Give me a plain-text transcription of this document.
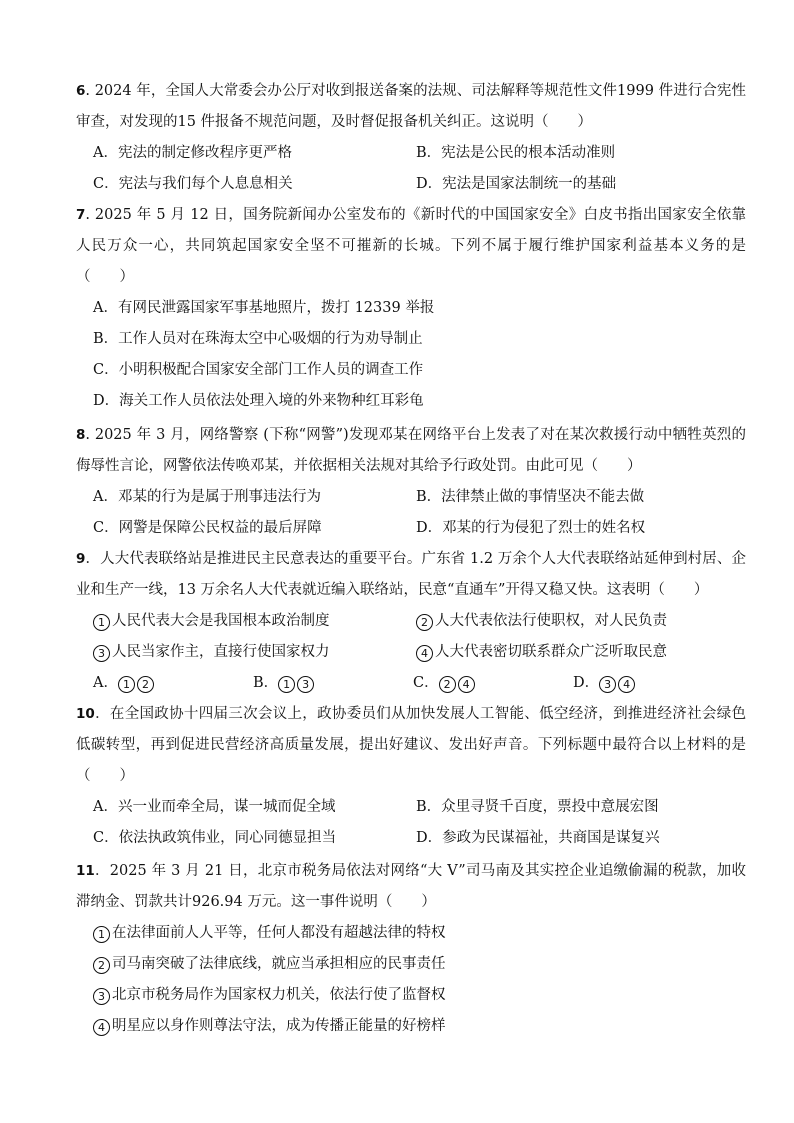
6. 2024 年，全国人大常委会办公厅对收到报送备案的法规、司法解释等规范性文件1999 件进行合宪性审查，对发现的15 件报备不规范问题，及时督促报备机关纠正。这说明（　　）
A．宪法的制定修改程序更严格	B．宪法是公民的根本活动准则
C．宪法与我们每个人息息相关	D．宪法是国家法制统一的基础
7. 2025 年 5 月 12 日，国务院新闻办公室发布的《新时代的中国国家安全》白皮书指出国家安全依靠人民万众一心，共同筑起国家安全坚不可摧新的长城。下列不属于履行维护国家利益基本义务的是（　　）
A．有网民泄露国家军事基地照片，拨打 12339 举报
B．工作人员对在珠海太空中心吸烟的行为劝导制止
C．小明积极配合国家安全部门工作人员的调查工作
D．海关工作人员依法处理入境的外来物种红耳彩龟
8. 2025 年 3 月，网络警察 (下称“网警”)发现邓某在网络平台上发表了对在某次救援行动中牺牲英烈的侮辱性言论，网警依法传唤邓某，并依据相关法规对其给予行政处罚。由此可见（　　）
A．邓某的行为是属于刑事违法行为	B．法律禁止做的事情坚决不能去做
C．网警是保障公民权益的最后屏障	D．邓某的行为侵犯了烈士的姓名权
9．人大代表联络站是推进民主民意表达的重要平台。广东省 1.2 万余个人大代表联络站延伸到村居、企业和生产一线，13 万余名人大代表就近编入联络站，民意“直通车”开得又稳又快。这表明（　　）
1 人民代表大会是我国根本政治制度	2 人大代表依法行使职权，对人民负责
3 人民当家作主，直接行使国家权力	4 人大代表密切联系群众广泛听取民意
A． 1 2	B． 1 3	C． 2 4	D． 3 4
10．在全国政协十四届三次会议上，政协委员们从加快发展人工智能、低空经济，到推进经济社会绿色低碳转型，再到促进民营经济高质量发展，提出好建议、发出好声音。下列标题中最符合以上材料的是（　　）
A．兴一业而牵全局，谋一城而促全域	B．众里寻贤千百度，票投中意展宏图
C．依法执政筑伟业，同心同德显担当	D．参政为民谋福祉，共商国是谋复兴
11．2025 年 3 月 21 日，北京市税务局依法对网络“大 V”司马南及其实控企业追缴偷漏的税款，加收滞纳金、罚款共计926.94 万元。这一事件说明（　　）
1 在法律面前人人平等，任何人都没有超越法律的特权
2 司马南突破了法律底线，就应当承担相应的民事责任
3 北京市税务局作为国家权力机关，依法行使了监督权
4 明星应以身作则尊法守法，成为传播正能量的好榜样
